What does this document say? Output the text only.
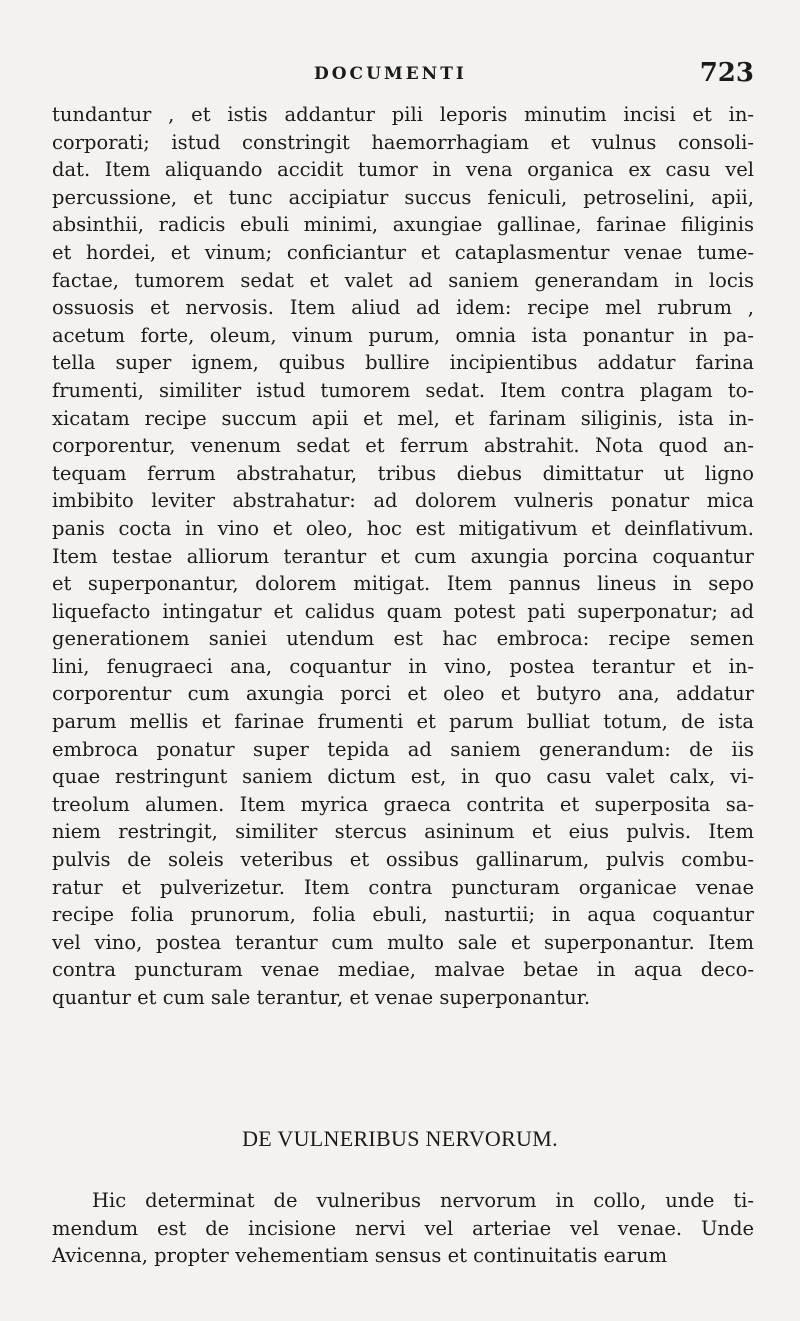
DOCUMENTI	723
tundantur , et istis addantur pili leporis minutim incisi et in-
corporati; istud constringit haemorrhagiam et vulnus consoli-
dat. Item aliquando accidit tumor in vena organica ex casu vel
percussione, et tunc accipiatur succus feniculi, petroselini, apii,
absinthii, radicis ebuli minimi, axungiae gallinae, farinae filiginis
et hordei, et vinum; conficiantur et cataplasmentur venae tume-
factae, tumorem sedat et valet ad saniem generandam in locis
ossuosis et nervosis. Item aliud ad idem: recipe mel rubrum ,
acetum forte, oleum, vinum purum, omnia ista ponantur in pa-
tella super ignem, quibus bullire incipientibus addatur farina
frumenti, similiter istud tumorem sedat. Item contra plagam to-
xicatam recipe succum apii et mel, et farinam siliginis, ista in-
corporentur, venenum sedat et ferrum abstrahit. Nota quod an-
tequam ferrum abstrahatur, tribus diebus dimittatur ut ligno
imbibito leviter abstrahatur: ad dolorem vulneris ponatur mica
panis cocta in vino et oleo, hoc est mitigativum et deinflativum.
Item testae alliorum terantur et cum axungia porcina coquantur
et superponantur, dolorem mitigat. Item pannus lineus in sepo
liquefacto intingatur et calidus quam potest pati superponatur; ad
generationem saniei utendum est hac embroca: recipe semen
lini, fenugraeci ana, coquantur in vino, postea terantur et in-
corporentur cum axungia porci et oleo et butyro ana, addatur
parum mellis et farinae frumenti et parum bulliat totum, de ista
embroca ponatur super tepida ad saniem generandum: de iis
quae restringunt saniem dictum est, in quo casu valet calx, vi-
treolum alumen. Item myrica graeca contrita et superposita sa-
niem restringit, similiter stercus asininum et eius pulvis. Item
pulvis de soleis veteribus et ossibus gallinarum, pulvis combu-
ratur et pulverizetur. Item contra puncturam organicae venae
recipe folia prunorum, folia ebuli, nasturtii; in aqua coquantur
vel vino, postea terantur cum multo sale et superponantur. Item
contra puncturam venae mediae, malvae betae in aqua deco-
quantur et cum sale terantur, et venae superponantur.
DE VULNERIBUS NERVORUM.
Hic determinat de vulneribus nervorum in collo, unde ti-
mendum est de incisione nervi vel arteriae vel venae. Unde
Avicenna, propter vehementiam sensus et continuitatis earum
